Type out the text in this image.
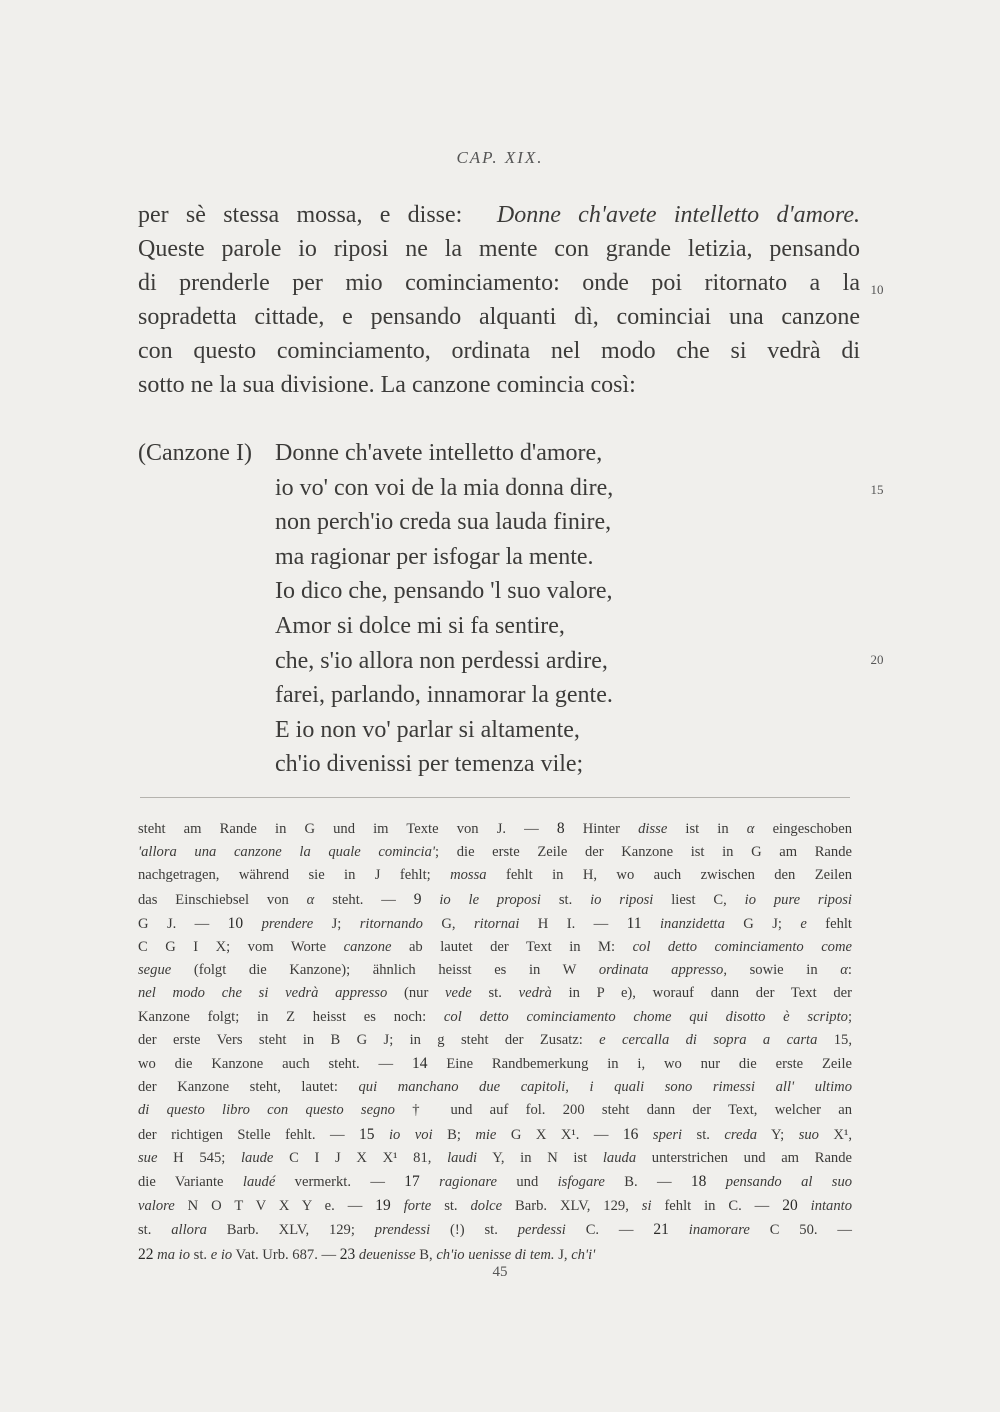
CAP. XIX.
per sè stessa mossa, e disse: Donne ch'avete intelletto d'amore.
Queste parole io riposi ne la mente con grande letizia, pensando
di prenderle per mio cominciamento: onde poi ritornato a la
sopradetta cittade, e pensando alquanti dì, cominciai una canzone
con questo cominciamento, ordinata nel modo che si vedrà di
sotto ne la sua divisione. La canzone comincia così:
10
(Canzone I) Donne ch'avete intelletto d'amore,
io vo' con voi de la mia donna dire,
non perch'io creda sua lauda finire,
ma ragionar per isfogar la mente.
Io dico che, pensando 'l suo valore,
Amor si dolce mi si fa sentire,
che, s'io allora non perdessi ardire,
farei, parlando, innamorar la gente.
E io non vo' parlar si altamente,
ch'io divenissi per temenza vile;
15
20
steht am Rande in G und im Texte von J. — 8 Hinter disse ist in α eingeschoben
'allora una canzone la quale comincia'; die erste Zeile der Kanzone ist in G am Rande
nachgetragen, während sie in J fehlt; mossa fehlt in H, wo auch zwischen den Zeilen
das Einschiebsel von α steht. — 9 io le proposi st. io riposi liest C, io pure riposi
G J. — 10 prendere J; ritornando G, ritornai H I. — 11 inanzidetta G J; e fehlt
C G I X; vom Worte canzone ab lautet der Text in M: col detto cominciamento come
segue (folgt die Kanzone); ähnlich heisst es in W ordinata appresso, sowie in α:
nel modo che si vedrà appresso (nur vede st. vedrà in P e), worauf dann der Text der
Kanzone folgt; in Z heisst es noch: col detto cominciamento chome qui disotto è scripto;
der erste Vers steht in B G J; in g steht der Zusatz: e cercalla di sopra a carta 15,
wo die Kanzone auch steht. — 14 Eine Randbemerkung in i, wo nur die erste Zeile
der Kanzone steht, lautet: qui manchano due capitoli, i quali sono rimessi all' ultimo
di questo libro con questo segno † und auf fol. 200 steht dann der Text, welcher an
der richtigen Stelle fehlt. — 15 io voi B; mie G X X¹. — 16 speri st. creda Y; suo X¹,
sue H 545; laude C I J X X¹ 81, laudi Y, in N ist lauda unterstrichen und am Rande
die Variante laudé vermerkt. — 17 ragionare und isfogare B. — 18 pensando al suo
valore N O T V X Y e. — 19 forte st. dolce Barb. XLV, 129, si fehlt in C. — 20 intanto
st. allora Barb. XLV, 129; prendessi (!) st. perdessi C. — 21 inamorare C 50. —
22 ma io st. e io Vat. Urb. 687. — 23 deuenisse B, ch'io uenisse di tem. J, ch'i'
45
